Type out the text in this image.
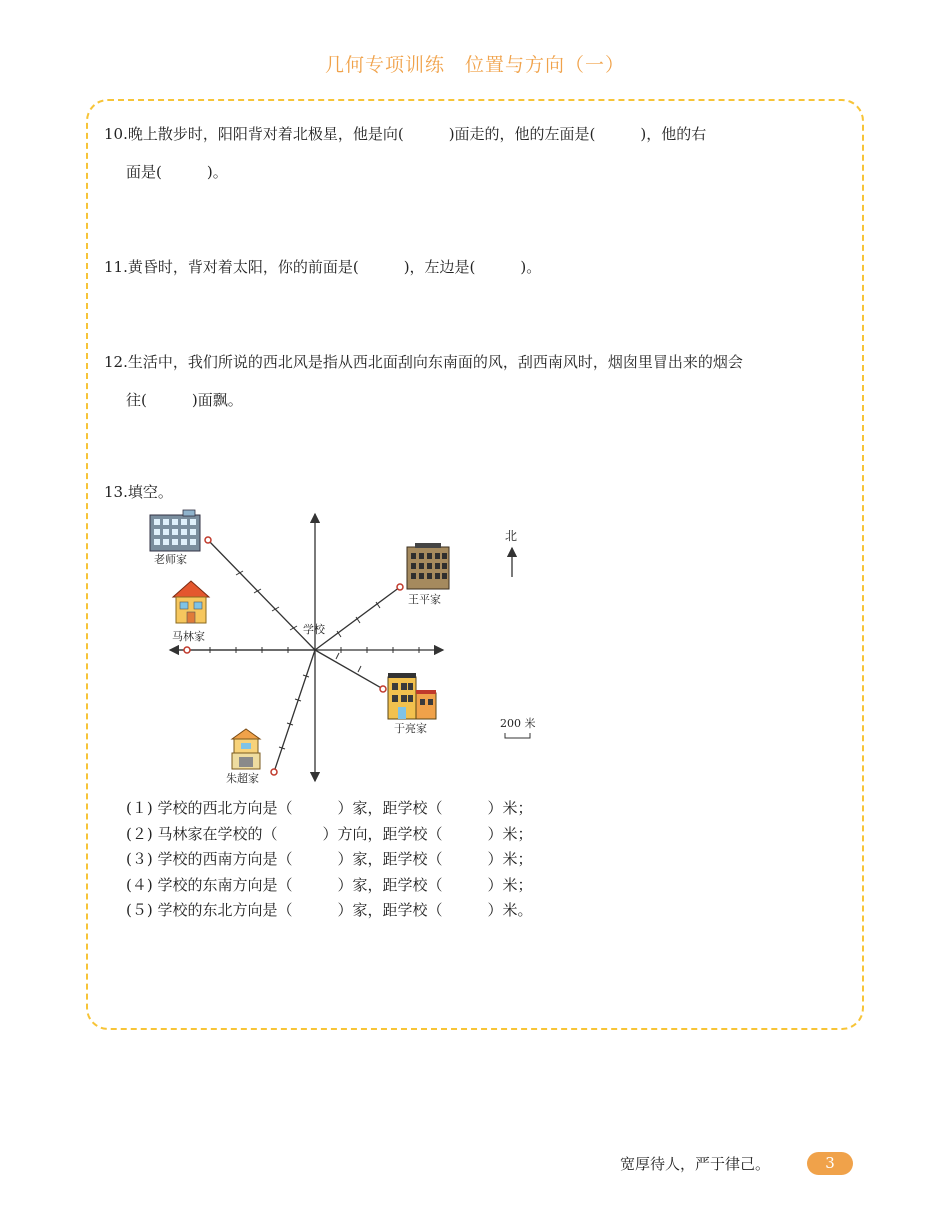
几何专项训练　位置与方向（一）
10.晚上散步时，阳阳背对着北极星，他是向(　　　)面走的，他的左面是(　　　)，他的右
面是(　　　)。
11.黄昏时，背对着太阳，你的前面是(　　　)，左边是(　　　)。
12.生活中，我们所说的西北风是指从西北面刮向东南面的风，刮西南风时，烟囱里冒出来的烟会
往(　　　)面飘。
13.填空。
老师家
马林家
王平家
于亮家
朱超家
学校
北
200 米
(１) 学校的西北方向是（　　　）家，距学校（　　　）米；
(２) 马林家在学校的（　　　）方向，距学校（　　　）米；
(３) 学校的西南方向是（　　　）家，距学校（　　　）米；
(４) 学校的东南方向是（　　　）家，距学校（　　　）米；
(５) 学校的东北方向是（　　　）家，距学校（　　　）米。
宽厚待人，严于律己。	3
